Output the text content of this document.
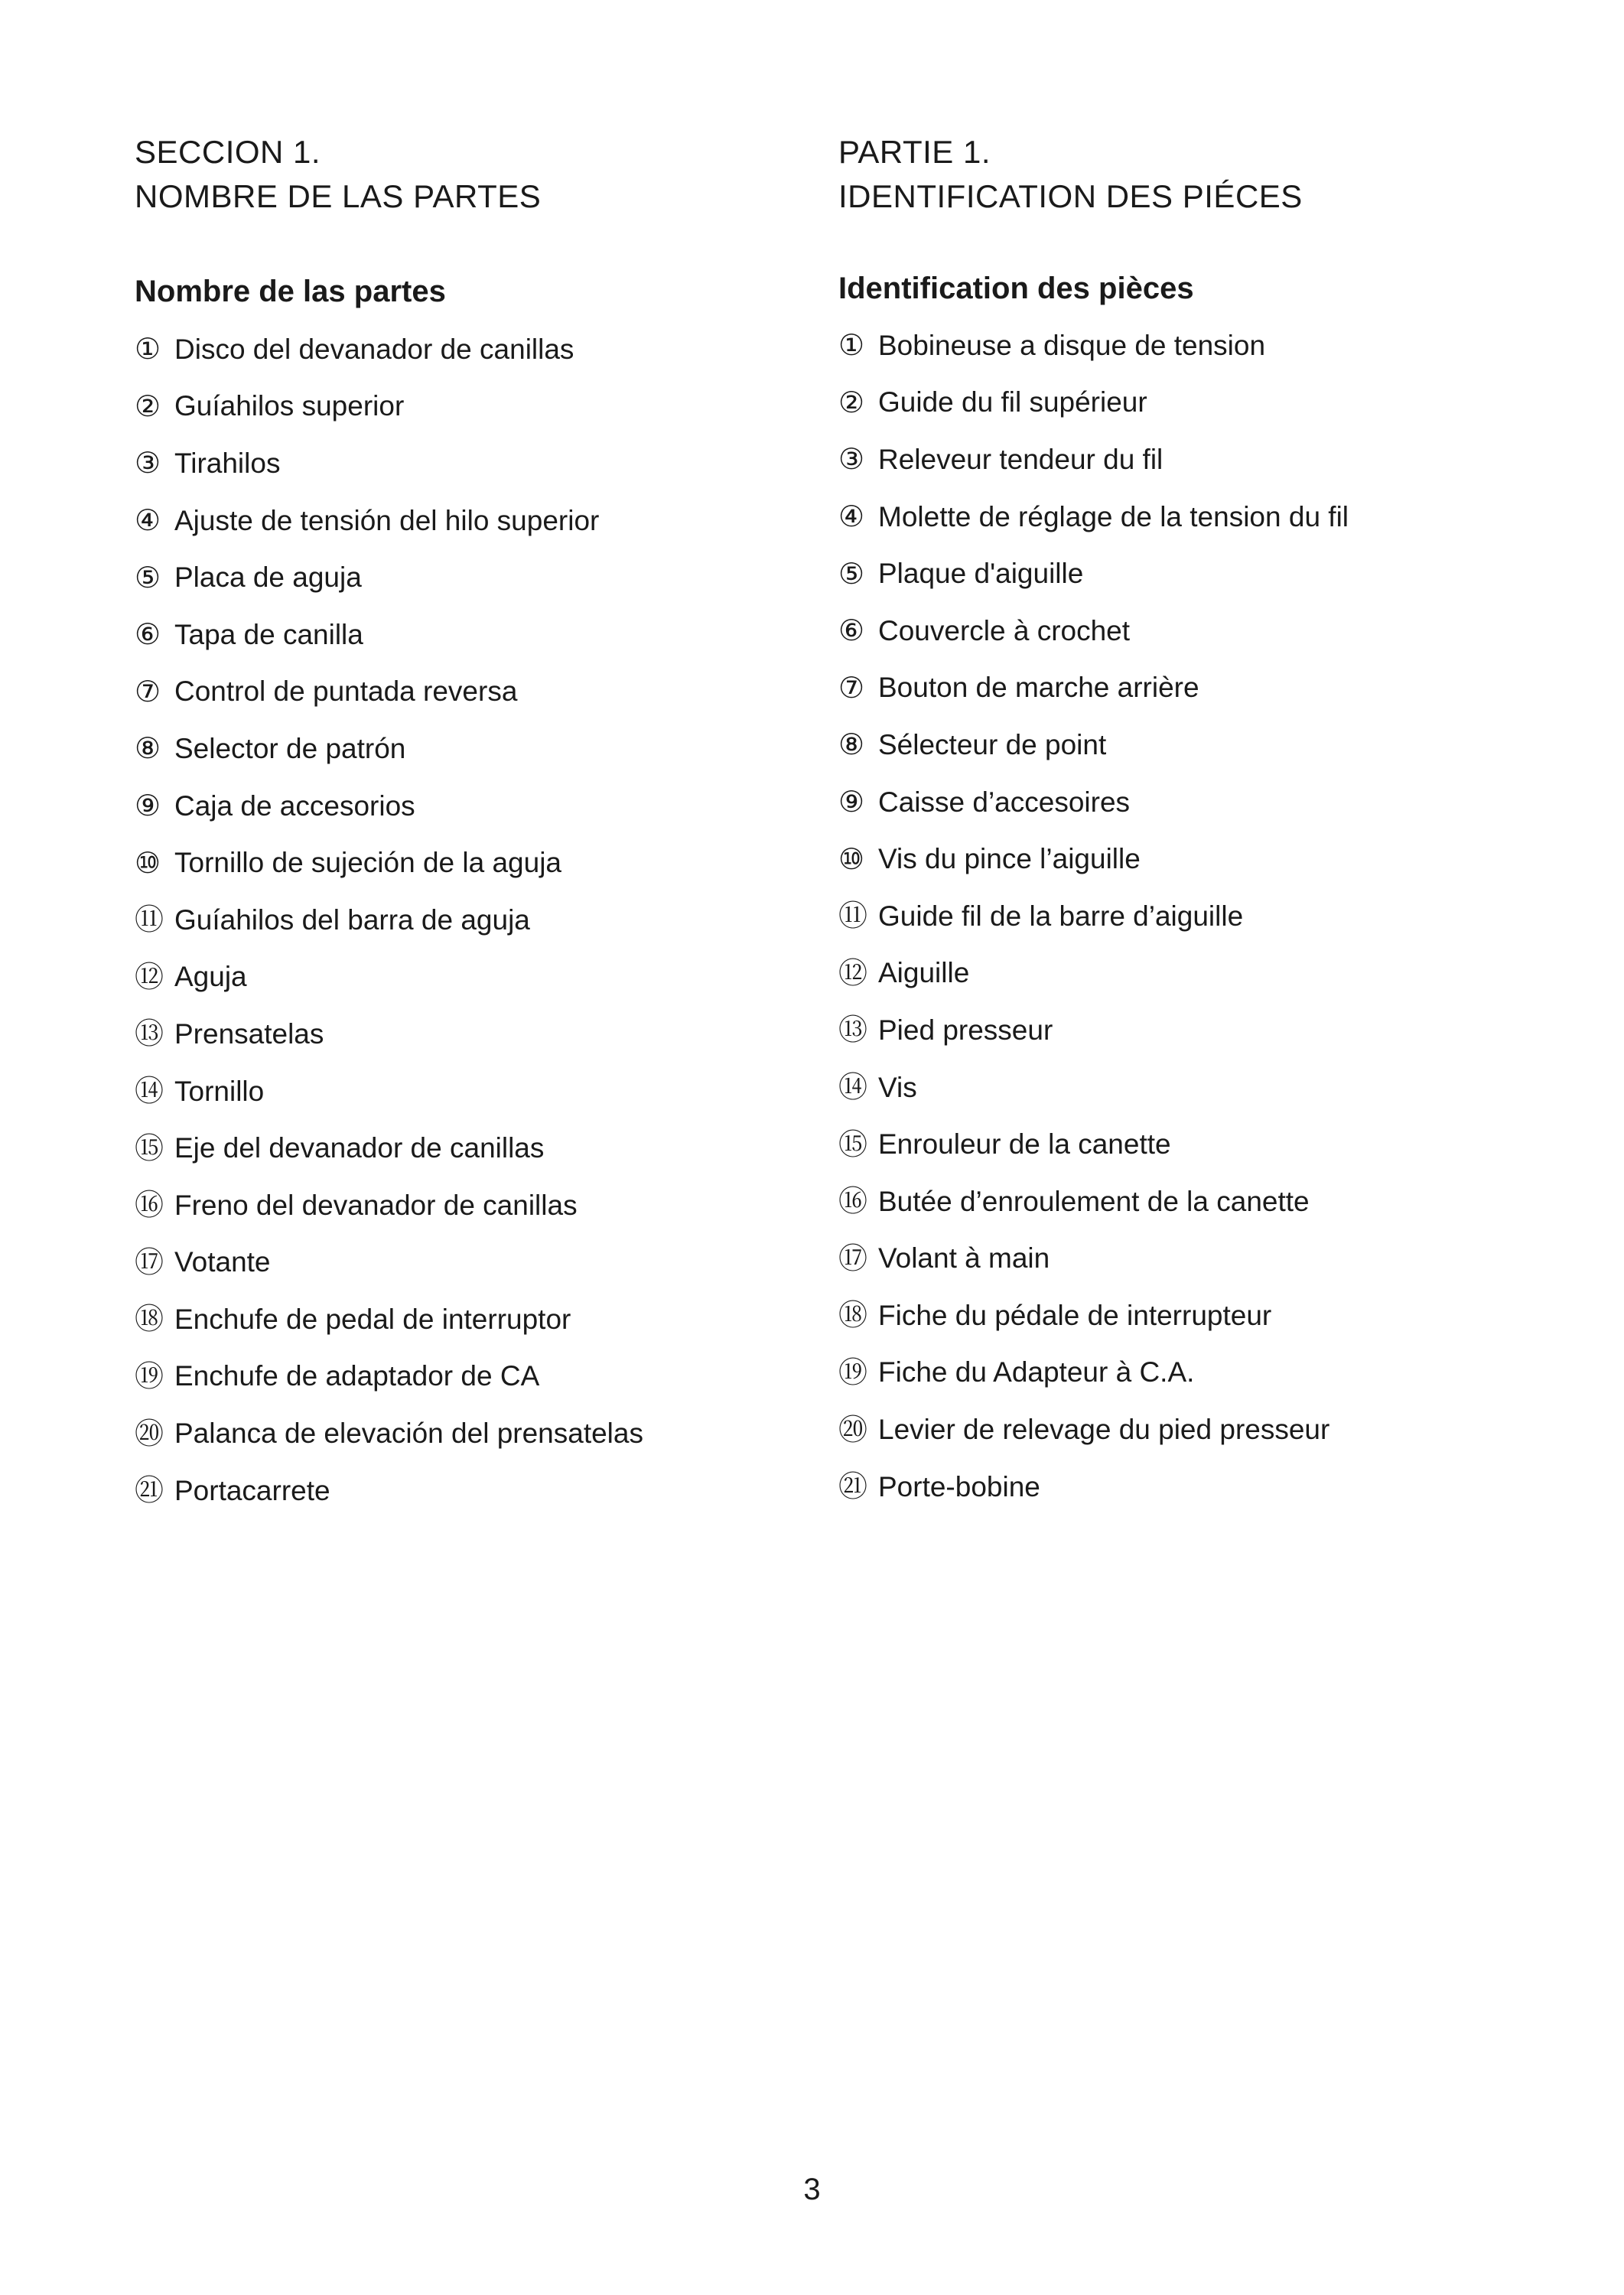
SECCION 1.
NOMBRE DE LAS PARTES
Nombre de las partes
① Disco del devanador de canillas
② Guíahilos superior
③ Tirahilos
④ Ajuste de tensión del hilo superior
⑤ Placa de aguja
⑥ Tapa de canilla
⑦ Control de puntada reversa
⑧ Selector de patrón
⑨ Caja de accesorios
⑩ Tornillo de sujeción de la aguja
⑪ Guíahilos del barra de aguja
⑫ Aguja
⑬ Prensatelas
⑭ Tornillo
⑮ Eje del devanador de canillas
⑯ Freno del devanador de canillas
⑰ Votante
⑱ Enchufe de pedal de interruptor
⑲ Enchufe de adaptador de CA
⑳ Palanca de elevación del prensatelas
㉑ Portacarrete
PARTIE 1.
IDENTIFICATION DES PIÉCES
Identification des pièces
① Bobineuse a disque de tension
② Guide du fil supérieur
③ Releveur tendeur du fil
④ Molette de réglage de la tension du fil
⑤ Plaque d'aiguille
⑥ Couvercle à crochet
⑦ Bouton de marche arrière
⑧ Sélecteur de point
⑨ Caisse d’accesoires
⑩ Vis du pince l’aiguille
⑪ Guide fil de la barre d’aiguille
⑫ Aiguille
⑬ Pied presseur
⑭ Vis
⑮ Enrouleur de la canette
⑯ Butée d’enroulement de la canette
⑰ Volant à main
⑱ Fiche du pédale de interrupteur
⑲ Fiche du Adapteur à C.A.
⑳ Levier de relevage du pied presseur
㉑ Porte-bobine
3
